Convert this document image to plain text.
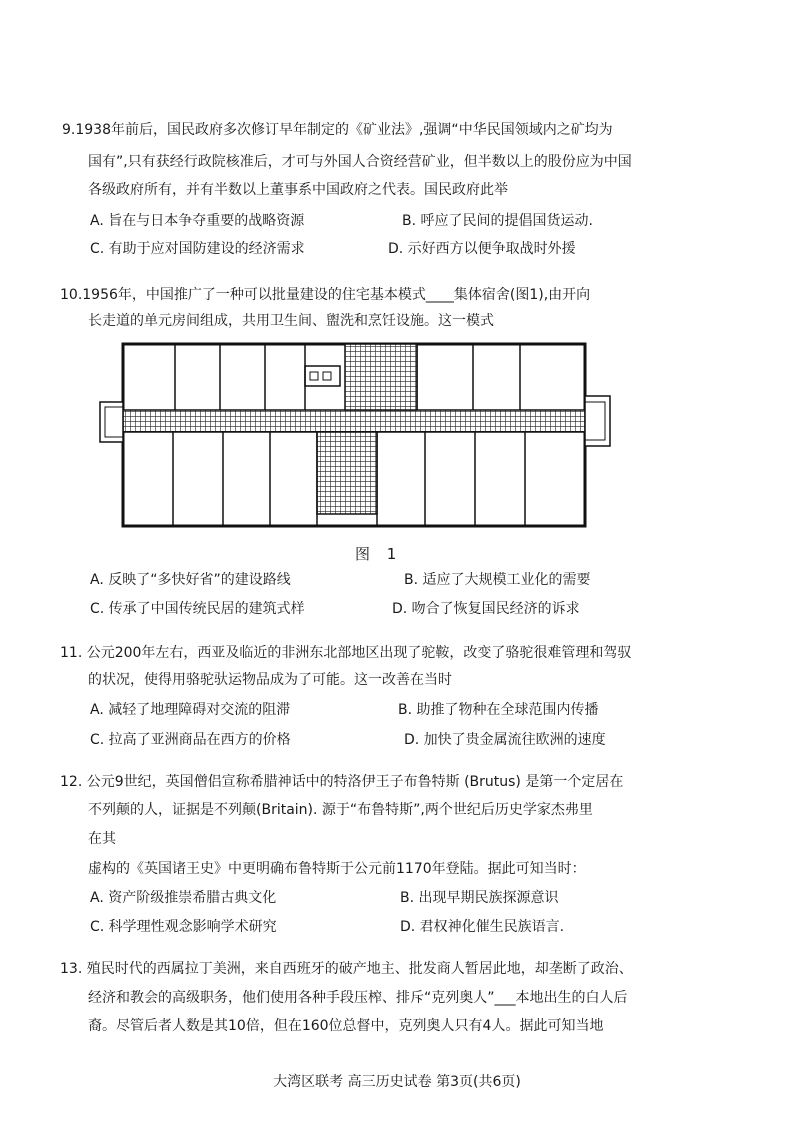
9.1938年前后，国民政府多次修订早年制定的《矿业法》,强调“中华民国领域内之矿均为
国有”,只有获经行政院核准后，才可与外国人合资经营矿业，但半数以上的股份应为中国
各级政府所有，并有半数以上董事系中国政府之代表。国民政府此举
A. 旨在与日本争夺重要的战略资源	B. 呼应了民间的提倡国货运动.
C. 有助于应对国防建设的经济需求	D. 示好西方以便争取战时外援
10.1956年，中国推广了一种可以批量建设的住宅基本模式____集体宿舍(图1),由开向
长走道的单元房间组成，共用卫生间、盥洗和烹饪设施。这一模式
图 1
A. 反映了“多快好省”的建设路线	B. 适应了大规模工业化的需要
C. 传承了中国传统民居的建筑式样	D. 吻合了恢复国民经济的诉求
11. 公元200年左右，西亚及临近的非洲东北部地区出现了驼鞍，改变了骆驼很难管理和驾驭
的状况，使得用骆驼驮运物品成为了可能。这一改善在当时
A. 减轻了地理障碍对交流的阻滞	B. 助推了物种在全球范围内传播
C. 拉高了亚洲商品在西方的价格	D. 加快了贵金属流往欧洲的速度
12. 公元9世纪，英国僧侣宣称希腊神话中的特洛伊王子布鲁特斯 (Brutus) 是第一个定居在
不列颠的人，证据是不列颠(Britain). 源于“布鲁特斯”,两个世纪后历史学家杰弗里
在其
虚构的《英国诸王史》中更明确布鲁特斯于公元前1170年登陆。据此可知当时：
A. 资产阶级推崇希腊古典文化	B. 出现早期民族探源意识
C. 科学理性观念影响学术研究	D. 君权神化催生民族语言.
13. 殖民时代的西属拉丁美洲，来自西班牙的破产地主、批发商人暂居此地，却垄断了政治、
经济和教会的高级职务，他们使用各种手段压榨、排斥“克列奥人”___本地出生的白人后
裔。尽管后者人数是其10倍，但在160位总督中，克列奥人只有4人。据此可知当地
大湾区联考 高三历史试卷 第3页(共6页)
